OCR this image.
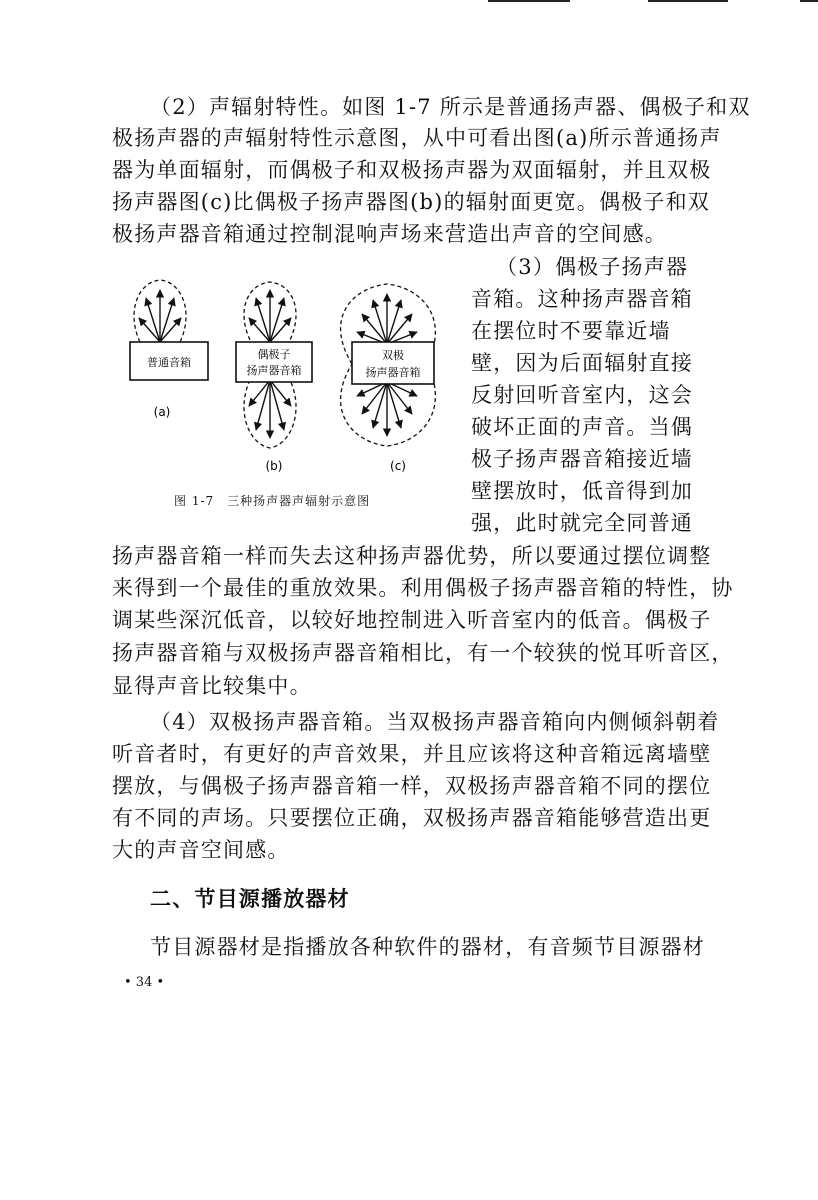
（2）声辐射特性。如图 1-7 所示是普通扬声器、偶极子和双
极扬声器的声辐射特性示意图，从中可看出图(a)所示普通扬声
器为单面辐射，而偶极子和双极扬声器为双面辐射，并且双极
扬声器图(c)比偶极子扬声器图(b)的辐射面更宽。偶极子和双
极扬声器音箱通过控制混响声场来营造出声音的空间感。
普通音箱
偶极子
扬声器音箱
双极
扬声器音箱
(a)
(b)	(c)
图 1-7　三种扬声器声辐射示意图
（3）偶极子扬声器
音箱。这种扬声器音箱
在摆位时不要靠近墙
壁，因为后面辐射直接
反射回听音室内，这会
破坏正面的声音。当偶
极子扬声器音箱接近墙
壁摆放时，低音得到加
强，此时就完全同普通
扬声器音箱一样而失去这种扬声器优势，所以要通过摆位调整
来得到一个最佳的重放效果。利用偶极子扬声器音箱的特性，协
调某些深沉低音，以较好地控制进入听音室内的低音。偶极子
扬声器音箱与双极扬声器音箱相比，有一个较狭的悦耳听音区，
显得声音比较集中。
（4）双极扬声器音箱。当双极扬声器音箱向内侧倾斜朝着
听音者时，有更好的声音效果，并且应该将这种音箱远离墙壁
摆放，与偶极子扬声器音箱一样，双极扬声器音箱不同的摆位
有不同的声场。只要摆位正确，双极扬声器音箱能够营造出更
大的声音空间感。
二、节目源播放器材
节目源器材是指播放各种软件的器材，有音频节目源器材
• 34 •
